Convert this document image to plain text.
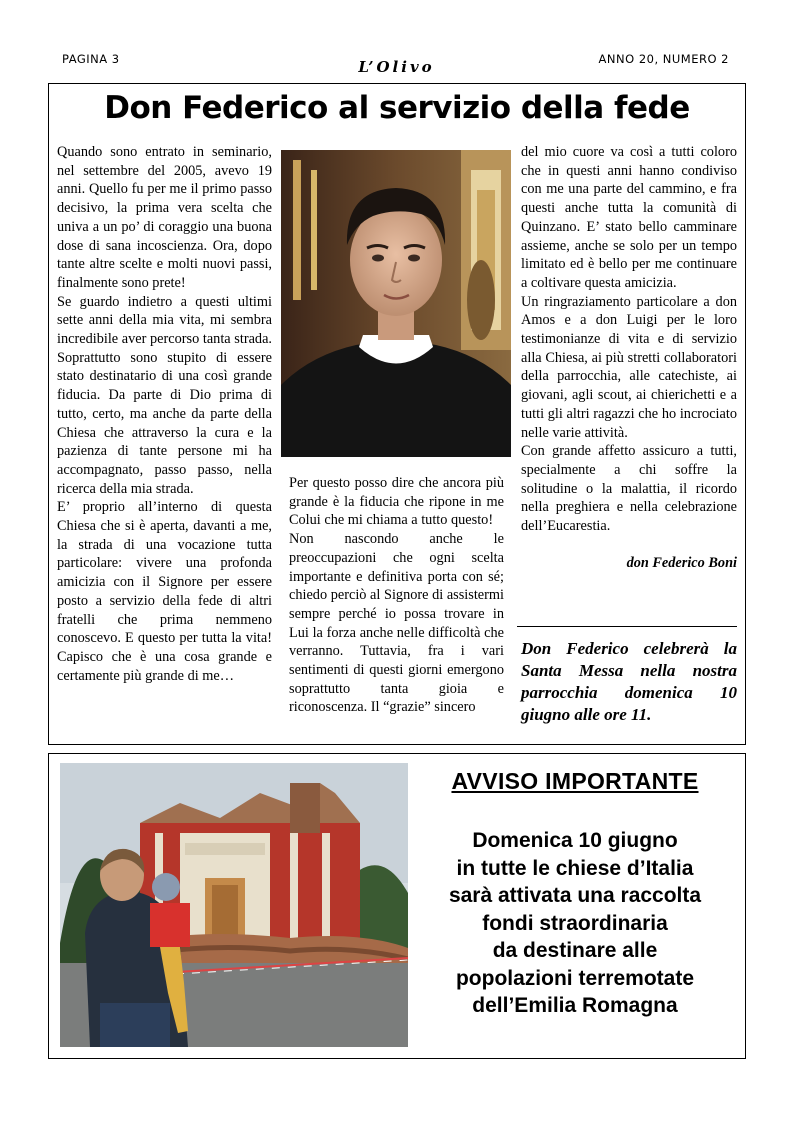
PAGINA 3	L’Olivo	ANNO 20, NUMERO 2
Don Federico al servizio della fede

Quando sono entrato in seminario, nel settembre del 2005, avevo 19 anni. Quello fu per me il primo passo decisivo, la prima vera scelta che univa a un po’ di coraggio una buona dose di sana incoscienza. Ora, dopo tante altre scelte e molti nuovi passi, finalmente sono prete!

Se guardo indietro a questi ultimi sette anni della mia vita, mi sembra incredibile aver percorso tanta strada. Soprattutto sono stupito di essere stato destinatario di una così grande fiducia. Da parte di Dio prima di tutto, certo, ma anche da parte della Chiesa che attraverso la cura e la pazienza di tante persone mi ha accompagnato, passo passo, nella ricerca della mia strada.

E’ proprio all’interno di questa Chiesa che si è aperta, davanti a me, la strada di una vocazione tutta particolare: vivere una profonda amicizia con il Signore per essere posto a servizio della fede di altri fratelli che prima nemmeno conoscevo. E questo per tutta la vita! Capisco che è una cosa grande e certamente più grande di me…

Per questo posso dire che ancora più grande è la fiducia che ripone in me Colui che mi chiama a tutto questo!

Non nascondo anche le preoccupazioni che ogni scelta importante e definitiva porta con sé; chiedo perciò al Signore di assistermi sempre perché io possa trovare in Lui la forza anche nelle difficoltà che verranno. Tuttavia, fra i vari sentimenti di questi giorni emergono soprattutto tanta gioia e riconoscenza. Il “grazie” sincero

del mio cuore va così a tutti coloro che in questi anni hanno condiviso con me una parte del cammino, e fra questi anche tutta la comunità di Quinzano. E’ stato bello camminare assieme, anche se solo per un tempo limitato ed è bello per me continuare a coltivare questa amicizia.

Un ringraziamento particolare a don Amos e a don Luigi per le loro testimonianze di vita e di servizio alla Chiesa, ai più stretti collaboratori della parrocchia, alle catechiste, ai giovani, agli scout, ai chierichetti e a tutti gli altri ragazzi che ho incrociato nelle varie attività.

Con grande affetto assicuro a tutti, specialmente a chi soffre la solitudine o la malattia, il ricordo nella preghiera e nella celebrazione dell’Eucarestia.

don Federico Boni

Don Federico celebrerà la Santa Messa nella nostra parrocchia domenica 10 giugno alle ore 11.

AVVISO IMPORTANTE

Domenica 10 giugno
in tutte le chiese d’Italia
sarà attivata una raccolta
fondi straordinaria
da destinare alle
popolazioni terremotate
dell’Emilia Romagna
